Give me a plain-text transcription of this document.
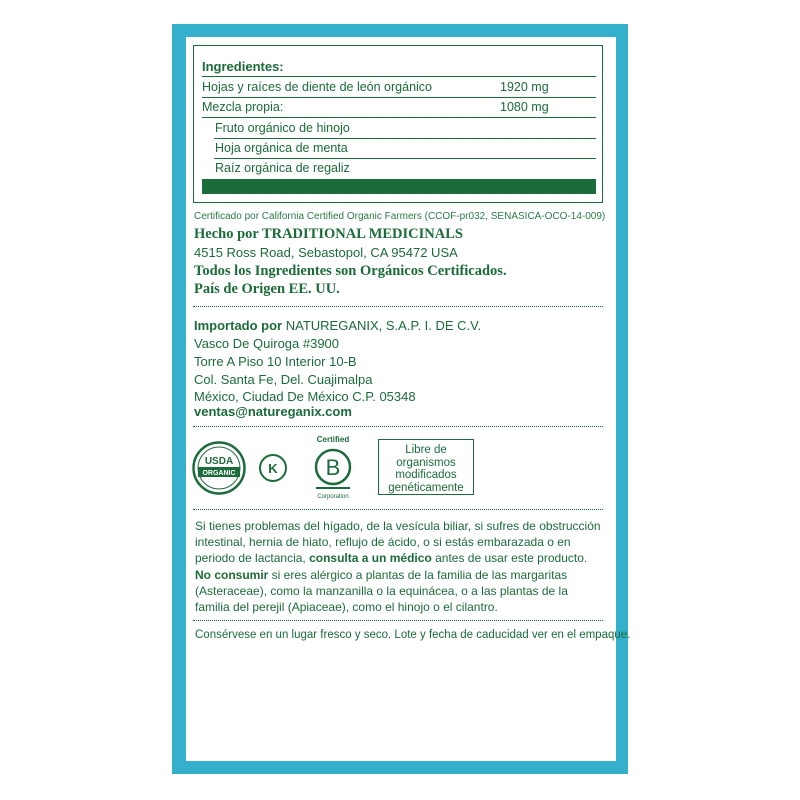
Ingredientes:
Hojas y raíces de diente de león orgánico	1920 mg
Mezcla propia:	1080 mg
Fruto orgánico de hinojo
Hoja orgánica de menta
Raíz orgánica de regaliz
Certificado por California Certified Organic Farmers (CCOF-pr032, SENASICA-OCO-14-009)
Hecho por TRADITIONAL MEDICINALS
4515 Ross Road, Sebastopol, CA 95472 USA
Todos los Ingredientes son Orgánicos Certificados.
País de Origen EE. UU.
Importado por NATUREGANIX, S.A.P. I. DE C.V.
Vasco De Quiroga #3900
Torre A Piso 10 Interior 10-B
Col. Santa Fe, Del. Cuajimalpa
México, Ciudad De México C.P. 05348
ventas@natureganix.com
USDA
ORGANIC	K
Certified
B
Corporation
Libre de
organismos
modificados
genéticamente
Si tienes problemas del hígado, de la vesícula biliar, si sufres de obstrucción intestinal, hernia de hiato, reflujo de ácido, o si estás embarazada o en periodo de lactancia, consulta a un médico antes de usar este producto. No consumir si eres alérgico a plantas de la familia de las margaritas (Asteraceae), como la manzanilla o la equinácea, o a las plantas de la familia del perejil (Apiaceae), como el hinojo o el cilantro.
Consérvese en un lugar fresco y seco. Lote y fecha de caducidad ver en el empaque.
